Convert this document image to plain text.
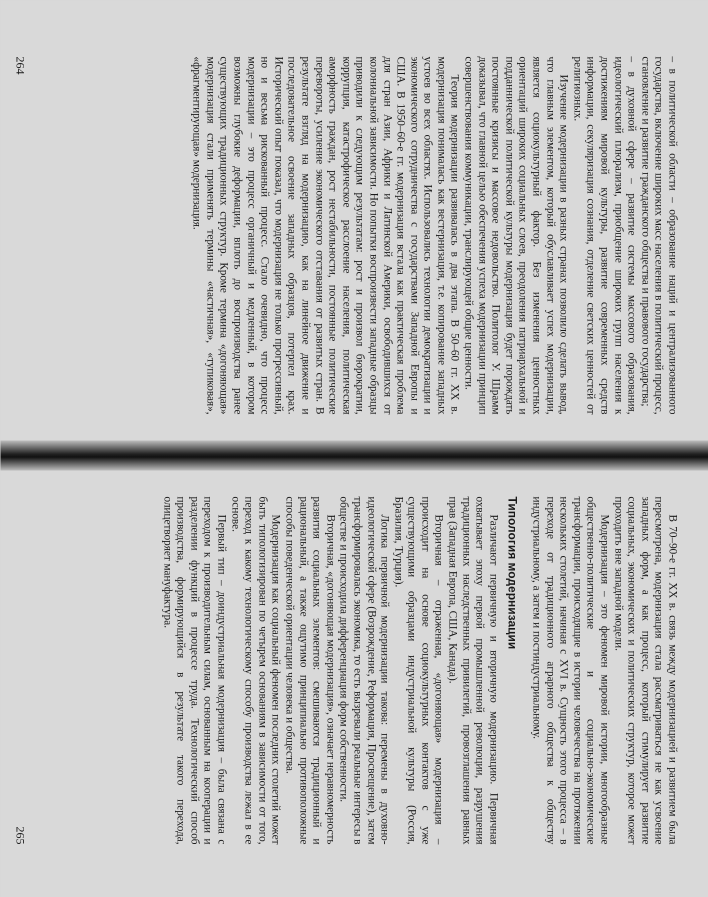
– в политической области – образование наций и централизованного государства, включение широких масс населения в политический процесс, становление и развитие гражданского общества и правового государства;

– в духовной сфере – развитие системы массового образования, идеологический плюрализм, приобщение широких групп населения к достижениям мировой культуры, развитие современных средств информации, секуляризация сознания, отделение светских ценностей от религиозных.

Изучение модернизации в разных странах позволило сделать вывод, что главным элементом, который обуславливает успех модернизации, является социокультурный фактор. Без изменения ценностных ориентаций широких социальных слоев, преодоления патриархальной и подданнической политической культуры модернизация будет порождать постоянные кризисы и массовое недовольство. Политолог У. Шрамм доказывал, что главной целью обеспечения успеха модернизации принцип совершенствования коммуникации, транслирующей общие ценности.

Теория модернизации развивалась в два этапа. В 50–60 гг. XX в. модернизация понималась как вестернизация, т.е. копирование западных устоев во всех областях. Использовались технологии демократизации и экономического сотрудничества с государствами Западной Европы и США. В 1950–60-е гг. модернизация встала как практическая проблема для стран Азии, Африки и Латинской Америки, освободившихся от колониальной зависимости. Но попытки воспроизвести западные образцы приводили к следующим результатам: рост и произвол бюрократии, коррупция, катастрофическое расслоение населения, политическая аморфность граждан, рост нестабильности, постоянные политические перевороты, усиление экономического отставания от развитых стран. В результате взгляд на модернизацию, как на линейное движение и последовательное освоение западных образцов, потерпел крах. Исторический опыт показал, что модернизация не только прогрессивный, но и весьма рискованный процесс. Стало очевидно, что процесс модернизации – это процесс органичный и медленный, в котором возможны глубокие деформации, вплоть до воспроизводства ранее существующих традиционных структур. Кроме термина «догоняющая» модернизация стали применять термины «частичная», «тупиковая», «фрагментирующая» модернизация.

264

В 70–90-е гг. XX в. связь между модернизацией и развитием была пересмотрена, модернизация стала рассматриваться не как усвоение западных форм, а как процесс, который стимулирует развитие социальных, экономических и политических структур, которое может проходить вне западной модели.

Модернизация – это феномен мировой истории, многообразные общественно-политические и социально-экономические трансформации, происходящие в истории человечества на протяжении нескольких столетий, начиная с XVI в. Сущность этого процесса – в переходе от традиционного аграрного общества к обществу индустриальному, а затем и постиндустриальному.

Типология модернизации

Различают первичную и вторичную модернизацию. Первичная охватывает эпоху первой промышленной революции, разрушения традиционных наследственных привилегий, провозглашения равных прав (Западная Европа, США, Канада).

Вторичная – отраженная, «догоняющая» модернизация – происходит на основе социокультурных контактов с уже существующими образцами индустриальной культуры (Россия, Бразилия, Турция).

Логика первичной модернизации такова: перемены в духовно-идеологической сфере (Возрождение, Реформация, Просвещение), затем трансформировалась экономика, то есть вызревали реальные интересы в обществе и происходила дифференциация форм собственности.

Вторичная, «догоняющая модернизация», означает неравномерность развития социальных элементов: смешиваются традиционный и рациональный, а также ощутимо принципиально противоположные способы поведенческой ориентации человека и общества.

Модернизация как социальный феномен последних столетий может быть типологизирован по четырем основаниям в зависимости от того, переход к какому технологическому способу производства лежал в ее основе.

Первый тип – доиндустриальная модернизация – была связана с переходом к производительным силам, основанным на кооперации и разделении функций в процессе труда. Технологический способ производства, формирующийся в результате такого перехода, олицетворяет мануфактура.

265
